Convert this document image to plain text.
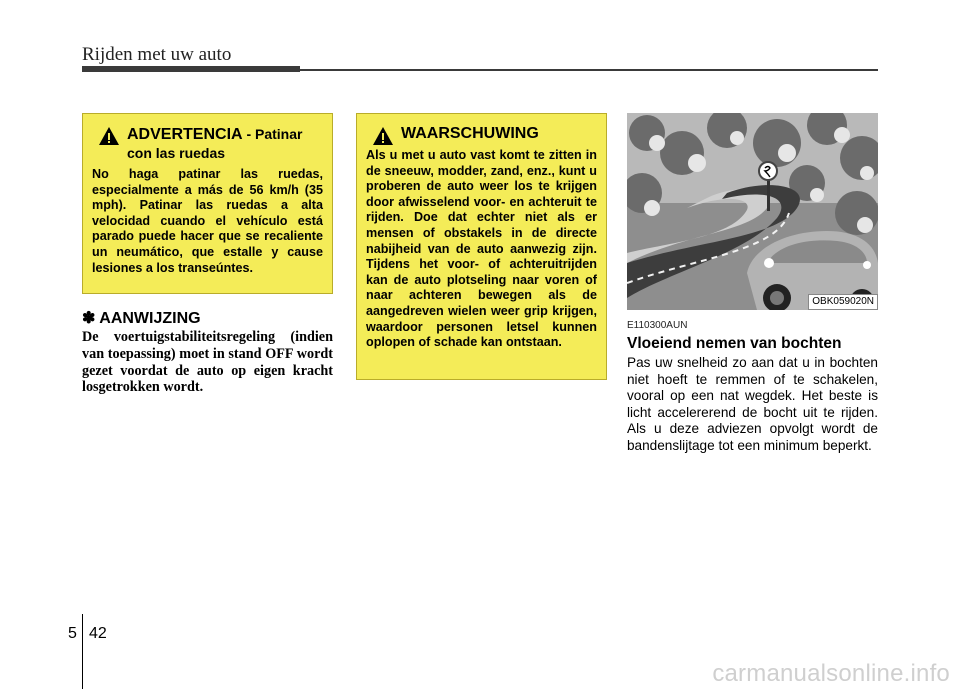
Rijden met uw auto
ADVERTENCIA - Patinar con las ruedas
No haga patinar las ruedas, especialmente a más de 56 km/h (35 mph). Patinar las ruedas a alta velocidad cuando el vehículo está parado puede hacer que se recaliente un neumático, que estalle y cause lesiones a los transeúntes.
WAARSCHUWING
Als u met u auto vast komt te zitten in de sneeuw, modder, zand, enz., kunt u proberen de auto weer los te krijgen door afwisselend voor- en achteruit te rijden. Doe dat echter niet als er mensen of obstakels in de directe nabijheid van de auto aanwezig zijn. Tijdens het voor- of achteruitrijden kan de auto plotseling naar voren of naar achteren bewegen als de aangedreven wielen weer grip krijgen, waardoor personen letsel kunnen oplopen of schade kan ontstaan.
✽ AANWIJZING
De voertuigstabiliteitsregeling (indien van toepassing) moet in stand OFF wordt gezet voordat de auto op eigen kracht losgetrokken wordt.
OBK059020N
E110300AUN
Vloeiend nemen van bochten
Pas uw snelheid zo aan dat u in bochten niet hoeft te remmen of te schakelen, vooral op een nat wegdek. Het beste is licht accelererend de bocht uit te rijden. Als u deze adviezen opvolgt wordt de bandenslijtage tot een minimum beperkt.
5 42
carmanualsonline.info
